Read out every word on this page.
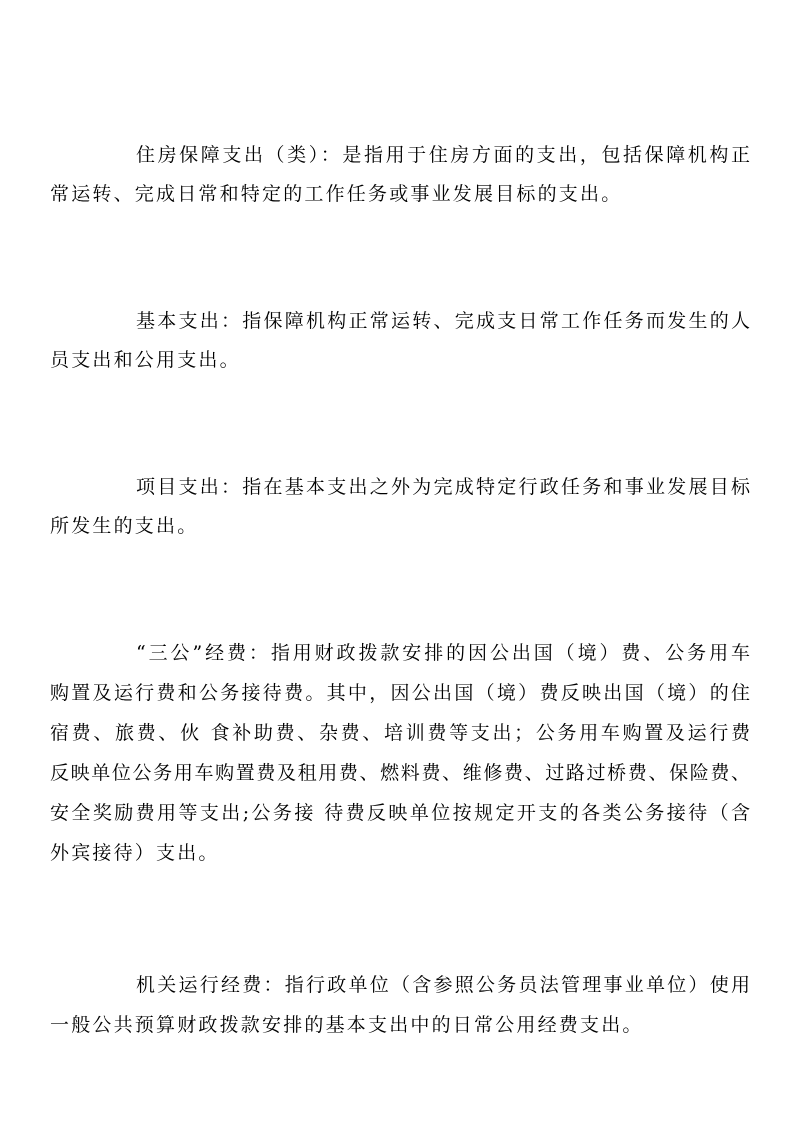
住房保障支出（类）：是指用于住房方面的支出，包括保障机构正
常运转、完成日常和特定的工作任务或事业发展目标的支出。
基本支出：指保障机构正常运转、完成支日常工作任务而发生的人
员支出和公用支出。
项目支出：指在基本支出之外为完成特定行政任务和事业发展目标
所发生的支出。
“三公”经费：指用财政拨款安排的因公出国（境）费、公务用车
购置及运行费和公务接待费。其中，因公出国（境）费反映出国（境）的住
宿费、旅费、伙 食补助费、杂费、培训费等支出；公务用车购置及运行费
反映单位公务用车购置费及租用费、燃料费、维修费、过路过桥费、保险费、
安全奖励费用等支出;公务接 待费反映单位按规定开支的各类公务接待（含
外宾接待）支出。
机关运行经费：指行政单位（含参照公务员法管理事业单位）使用
一般公共预算财政拨款安排的基本支出中的日常公用经费支出。
